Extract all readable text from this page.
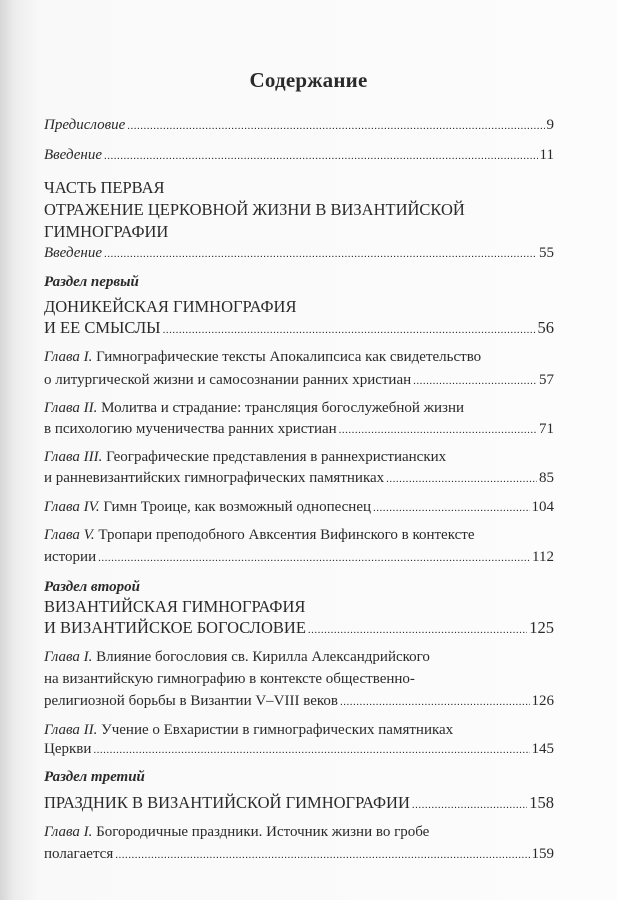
Содержание
Предисловие .....	9
Введение .....	11
ЧАСТЬ ПЕРВАЯ
ОТРАЖЕНИЕ ЦЕРКОВНОЙ ЖИЗНИ В ВИЗАНТИЙСКОЙ
ГИМНОГРАФИИ
Введение .....	55
Раздел первый
ДОНИКЕЙСКАЯ ГИМНОГРАФИЯ
И ЕЕ СМЫСЛЫ .....	56
Глава I. Гимнографические тексты Апокалипсиса как свидетельство
о литургической жизни и самосознании ранних христиан .....	57
Глава II. Молитва и страдание: трансляция богослужебной жизни
в психологию мученичества ранних христиан .....	71
Глава III. Географические представления в раннехристианских
и ранневизантийских гимнографических памятниках .....	85
Глава IV. Гимн Троице, как возможный однопеснец .....	104
Глава V. Тропари преподобного Авксентия Вифинского в контексте
истории .....	112
Раздел второй
ВИЗАНТИЙСКАЯ ГИМНОГРАФИЯ
И ВИЗАНТИЙСКОЕ БОГОСЛОВИЕ .....	125
Глава I. Влияние богословия св. Кирилла Александрийского
на византийскую гимнографию в контексте общественно-
религиозной борьбы в Византии V–VIII веков .....	126
Глава II. Учение о Евхаристии в гимнографических памятниках
Церкви .....	145
Раздел третий
ПРАЗДНИК В ВИЗАНТИЙСКОЙ ГИМНОГРАФИИ .....	158
Глава I. Богородичные праздники. Источник жизни во гробе
полагается .....	159
